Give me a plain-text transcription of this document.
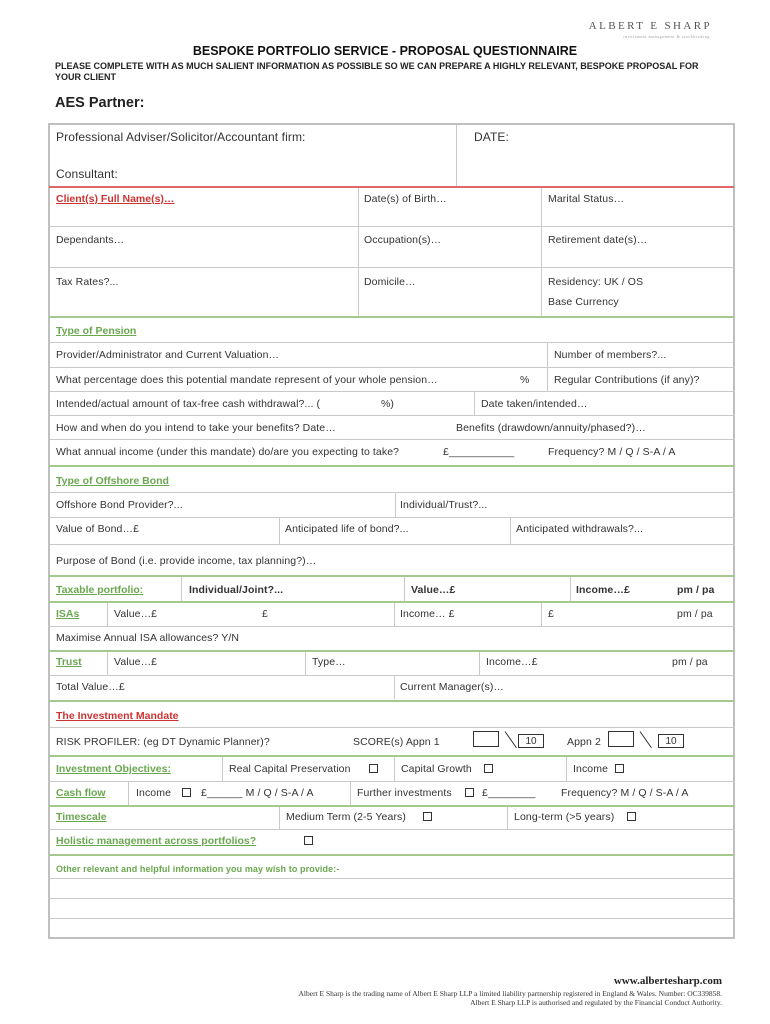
ALBERT E SHARP
investment management & stockbroking
BESPOKE PORTFOLIO SERVICE - PROPOSAL QUESTIONNAIRE
PLEASE COMPLETE WITH AS MUCH SALIENT INFORMATION AS POSSIBLE SO WE CAN PREPARE A HIGHLY RELEVANT, BESPOKE PROPOSAL FOR YOUR CLIENT
AES Partner:
Professional Adviser/Solicitor/Accountant firm:	DATE:
Consultant:
Client(s) Full Name(s)…	Date(s) of Birth…	Marital Status…
Dependants…	Occupation(s)…	Retirement date(s)…
Tax Rates?...	Domicile…	Residency: UK / OS
Base Currency
Type of Pension
Provider/Administrator and Current Valuation…	Number of members?...
What percentage does this potential mandate represent of your whole pension…	% Regular Contributions (if any)?
Intended/actual amount of tax-free cash withdrawal?... (	%)	Date taken/intended…
How and when do you intend to take your benefits? Date…	Benefits (drawdown/annuity/phased?)…
What annual income (under this mandate) do/are you expecting to take?	£___________	Frequency? M / Q / S-A / A
Type of Offshore Bond
Offshore Bond Provider?...	Individual/Trust?...
Value of Bond…£	Anticipated life of bond?...	Anticipated withdrawals?...
Purpose of Bond (i.e. provide income, tax planning?)…
Taxable portfolio:	Individual/Joint?...	Value…£	Income…£	pm / pa
ISAs	Value…£	£	Income… £	£	pm / pa
Maximise Annual ISA allowances? Y/N
Trust	Value…£	Type…	Income…£	pm / pa
Total Value…£	Current Manager(s)…
The Investment Mandate
RISK PROFILER: (eg DT Dynamic Planner)?	SCORE(s) Appn 1	10	Appn 2	10
Investment Objectives:	Real Capital Preservation	Capital Growth	Income
Cash flow	Income	£______ M / Q / S-A / A	Further investments	£________ Frequency? M / Q / S-A / A
Timescale	Medium Term (2-5 Years)	Long-term (>5 years)
Holistic management across portfolios?
Other relevant and helpful information you may wish to provide:-
www.albertesharp.com
Albert E Sharp is the trading name of Albert E Sharp LLP a limited liability partnership registered in England & Wales. Number: OC339858.
Albert E Sharp LLP is authorised and regulated by the Financial Conduct Authority.
